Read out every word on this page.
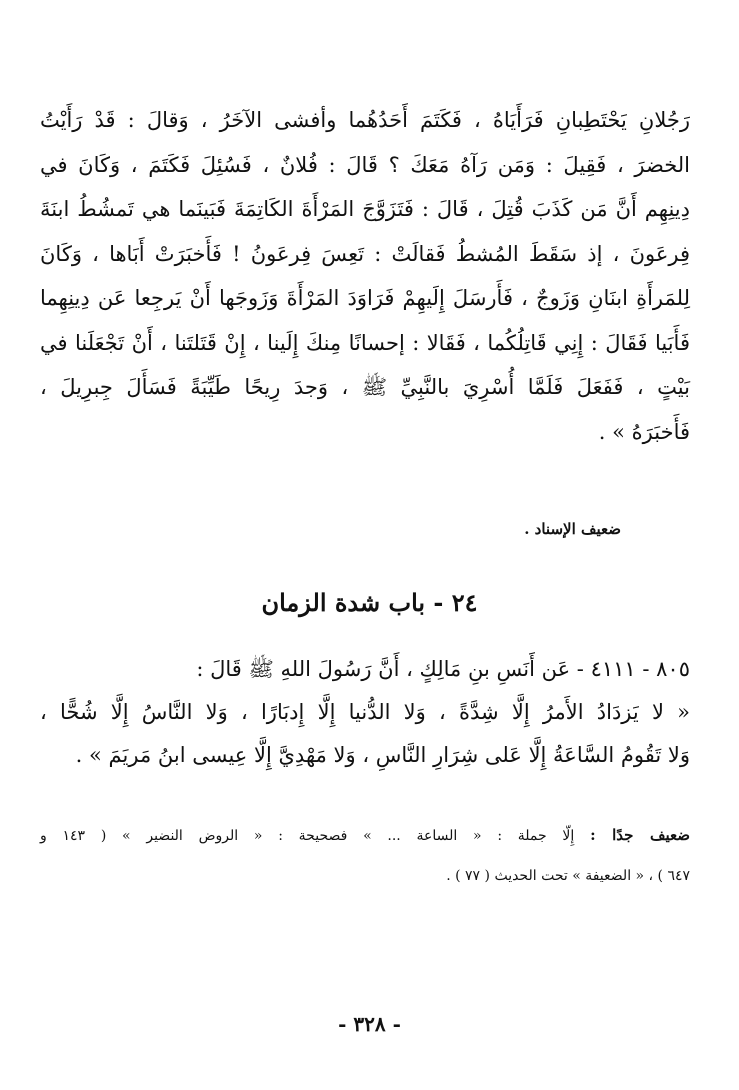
رَجُلانِ يَحْتَطِبانِ فَرَأَيَاهُ ، فَكَتَمَ أَحَدُهُما وأفشى الآخَرُ ، وَقالَ : قَدْ رَأَيْتُ
الخضرَ ، فَقِيلَ : وَمَن رَآهُ مَعَكَ ؟ قَالَ : فُلانٌ ، فَسُئِلَ فَكَتَمَ ، وَكَانَ في
دِينِهِم أَنَّ مَن كَذَبَ قُتِلَ ، قَالَ : فَتَزَوَّجَ المَرْأَةَ الكَاتِمَةَ فَبَينَما هي تَمشُطُ ابنَةَ
فِرعَونَ ، إذ سَقَطَ المُشطُ فَقالَتْ : تَعِسَ فِرعَونُ ! فَأَخبَرَتْ أَبَاها ، وَكَانَ
لِلمَرأَةِ ابنَانِ وَزَوجٌ ، فَأَرسَلَ إِلَيهِمْ فَرَاوَدَ المَرْأَةَ وَزَوجَها أَنْ يَرجِعا عَن دِينِهِما
فَأَبَيا فَقَالَ : إِنِي قَاتِلُكُما ، فَقَالا : إحسانًا مِنكَ إِلَينا ، إِنْ قَتَلتَنا ، أَنْ تَجْعَلَنا في
بَيْتٍ ، فَفَعَلَ فَلَمَّا أُسْرِيَ بالنَّبِيِّ ﷺ ، وَجدَ رِيحًا طَيِّبَةً فَسَأَلَ جِبرِيلَ ،
فَأَخبَرَهُ » .
ضعيف الإسناد .
٢٤ - باب شدة الزمان
٨٠٥ - ٤١١١ - عَن أَنَسِ بنِ مَالِكٍ ، أَنَّ رَسُولَ اللهِ ﷺ قَالَ :
« لا يَزدَادُ الأَمرُ إِلَّا شِدَّةً ، وَلا الدُّنيا إِلَّا إِدبَارًا ، وَلا النَّاسُ إِلَّا شُحًّا ،
وَلا تَقُومُ السَّاعَةُ إِلَّا عَلى شِرَارِ النَّاسِ ، وَلا مَهْدِيَّ إِلَّا عِيسى ابنُ مَريَمَ » .
ضعيف جدًا : إِلّا جملة : « الساعة ... » فصحيحة : « الروض النضير » ( ١٤٣ و
٦٤٧ ) ، « الضعيفة » تحت الحديث ( ٧٧ ) .
- ٣٢٨ -
